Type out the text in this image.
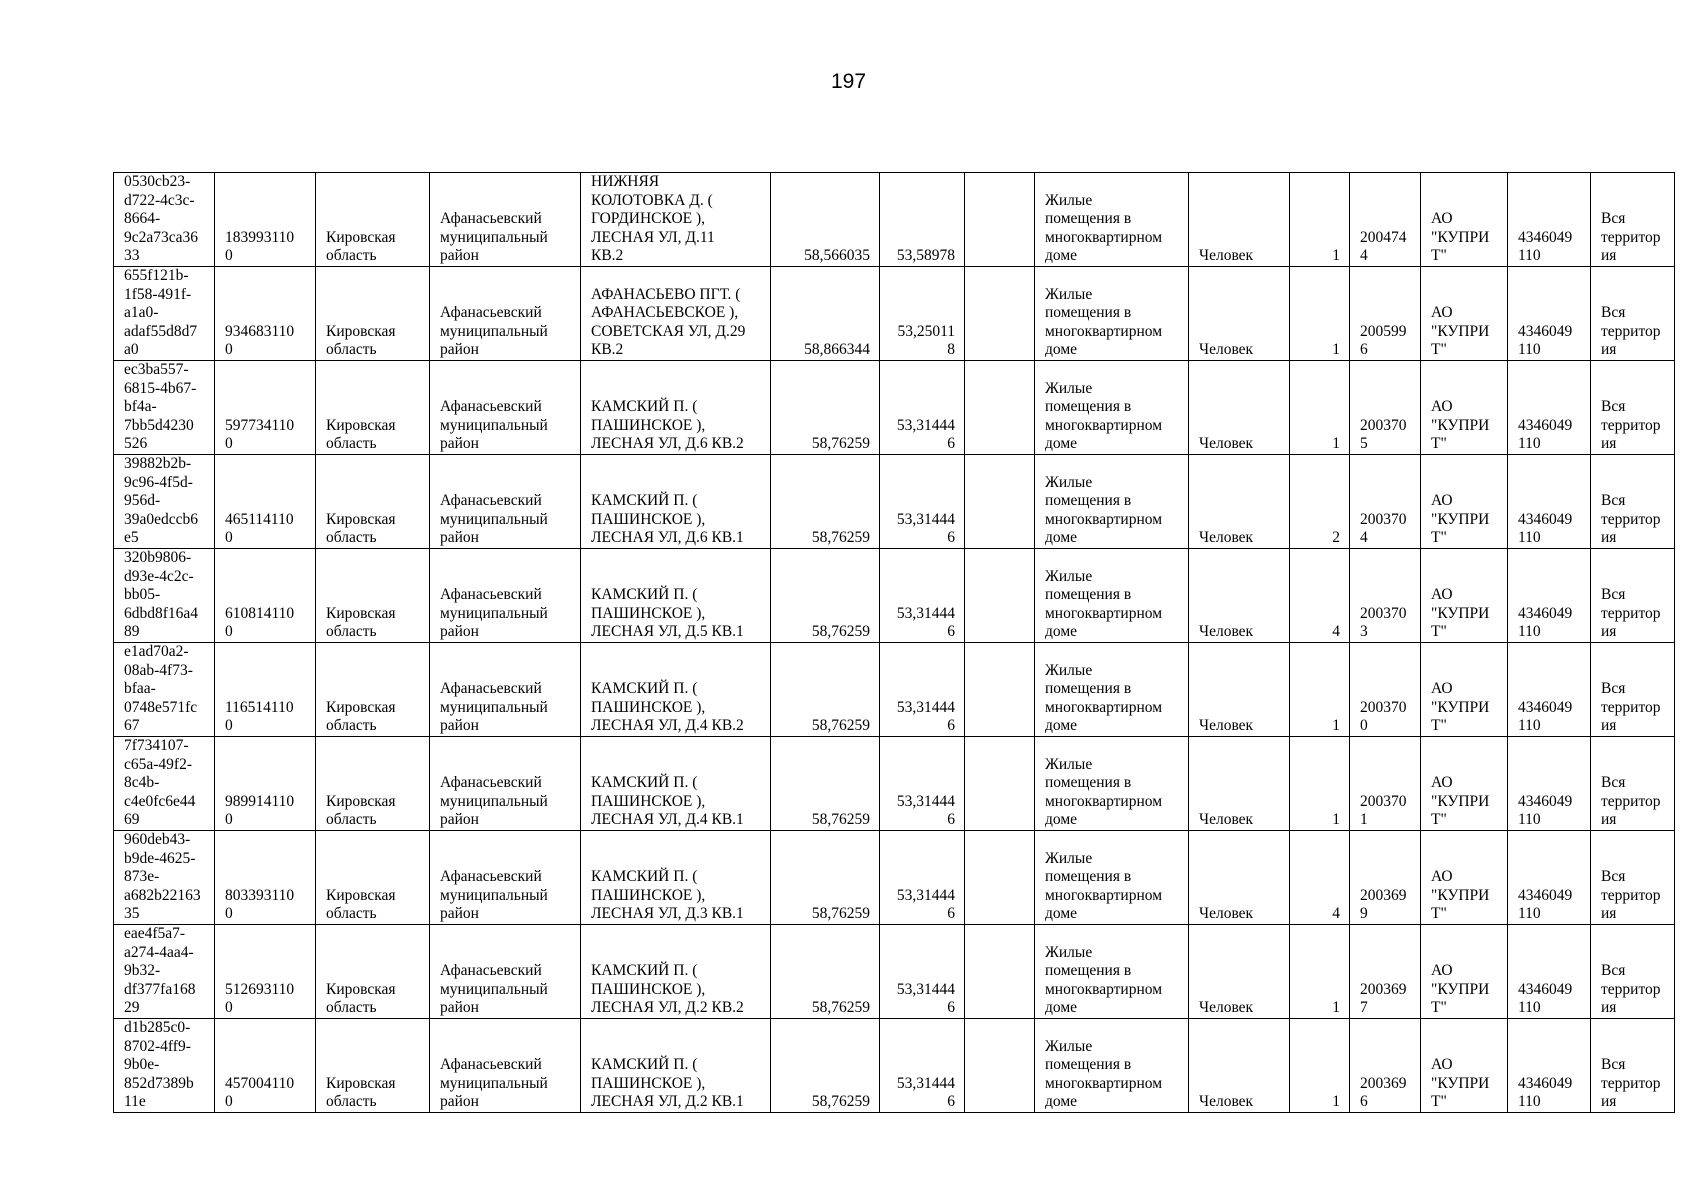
197
0530cb23-
d722-4c3c-
8664-
9c2a73ca36
33	183993110
0	Кировская
область	Афанасьевский
муниципальный
район	НИЖНЯЯ
КОЛОТОВКА Д. (
ГОРДИНСКОЕ ),
ЛЕСНАЯ УЛ, Д.11
КВ.2	58,566035	53,58978		Жилые
помещения в
многоквартирном
доме	Человек	1	200474
4	АО
"КУПРИ
Т"	4346049
110	Вся
территор
ия
655f121b-
1f58-491f-
a1a0-
adaf55d8d7
a0	934683110
0	Кировская
область	Афанасьевский
муниципальный
район	АФАНАСЬЕВО ПГТ. (
АФАНАСЬЕВСКОЕ ),
СОВЕТСКАЯ УЛ, Д.29
КВ.2	58,866344	53,25011
8		Жилые
помещения в
многоквартирном
доме	Человек	1	200599
6	АО
"КУПРИ
Т"	4346049
110	Вся
территор
ия
ec3ba557-
6815-4b67-
bf4a-
7bb5d4230
526	597734110
0	Кировская
область	Афанасьевский
муниципальный
район	КАМСКИЙ П. (
ПАШИНСКОЕ ),
ЛЕСНАЯ УЛ, Д.6 КВ.2	58,76259	53,31444
6		Жилые
помещения в
многоквартирном
доме	Человек	1	200370
5	АО
"КУПРИ
Т"	4346049
110	Вся
территор
ия
39882b2b-
9c96-4f5d-
956d-
39a0edccb6
e5	465114110
0	Кировская
область	Афанасьевский
муниципальный
район	КАМСКИЙ П. (
ПАШИНСКОЕ ),
ЛЕСНАЯ УЛ, Д.6 КВ.1	58,76259	53,31444
6		Жилые
помещения в
многоквартирном
доме	Человек	2	200370
4	АО
"КУПРИ
Т"	4346049
110	Вся
территор
ия
320b9806-
d93e-4c2c-
bb05-
6dbd8f16a4
89	610814110
0	Кировская
область	Афанасьевский
муниципальный
район	КАМСКИЙ П. (
ПАШИНСКОЕ ),
ЛЕСНАЯ УЛ, Д.5 КВ.1	58,76259	53,31444
6		Жилые
помещения в
многоквартирном
доме	Человек	4	200370
3	АО
"КУПРИ
Т"	4346049
110	Вся
территор
ия
e1ad70a2-
08ab-4f73-
bfaa-
0748e571fc
67	116514110
0	Кировская
область	Афанасьевский
муниципальный
район	КАМСКИЙ П. (
ПАШИНСКОЕ ),
ЛЕСНАЯ УЛ, Д.4 КВ.2	58,76259	53,31444
6		Жилые
помещения в
многоквартирном
доме	Человек	1	200370
0	АО
"КУПРИ
Т"	4346049
110	Вся
территор
ия
7f734107-
c65a-49f2-
8c4b-
c4e0fc6e44
69	989914110
0	Кировская
область	Афанасьевский
муниципальный
район	КАМСКИЙ П. (
ПАШИНСКОЕ ),
ЛЕСНАЯ УЛ, Д.4 КВ.1	58,76259	53,31444
6		Жилые
помещения в
многоквартирном
доме	Человек	1	200370
1	АО
"КУПРИ
Т"	4346049
110	Вся
территор
ия
960deb43-
b9de-4625-
873e-
a682b22163
35	803393110
0	Кировская
область	Афанасьевский
муниципальный
район	КАМСКИЙ П. (
ПАШИНСКОЕ ),
ЛЕСНАЯ УЛ, Д.3 КВ.1	58,76259	53,31444
6		Жилые
помещения в
многоквартирном
доме	Человек	4	200369
9	АО
"КУПРИ
Т"	4346049
110	Вся
территор
ия
eae4f5a7-
a274-4aa4-
9b32-
df377fa168
29	512693110
0	Кировская
область	Афанасьевский
муниципальный
район	КАМСКИЙ П. (
ПАШИНСКОЕ ),
ЛЕСНАЯ УЛ, Д.2 КВ.2	58,76259	53,31444
6		Жилые
помещения в
многоквартирном
доме	Человек	1	200369
7	АО
"КУПРИ
Т"	4346049
110	Вся
территор
ия
d1b285c0-
8702-4ff9-
9b0e-
852d7389b
11e	457004110
0	Кировская
область	Афанасьевский
муниципальный
район	КАМСКИЙ П. (
ПАШИНСКОЕ ),
ЛЕСНАЯ УЛ, Д.2 КВ.1	58,76259	53,31444
6		Жилые
помещения в
многоквартирном
доме	Человек	1	200369
6	АО
"КУПРИ
Т"	4346049
110	Вся
территор
ия
